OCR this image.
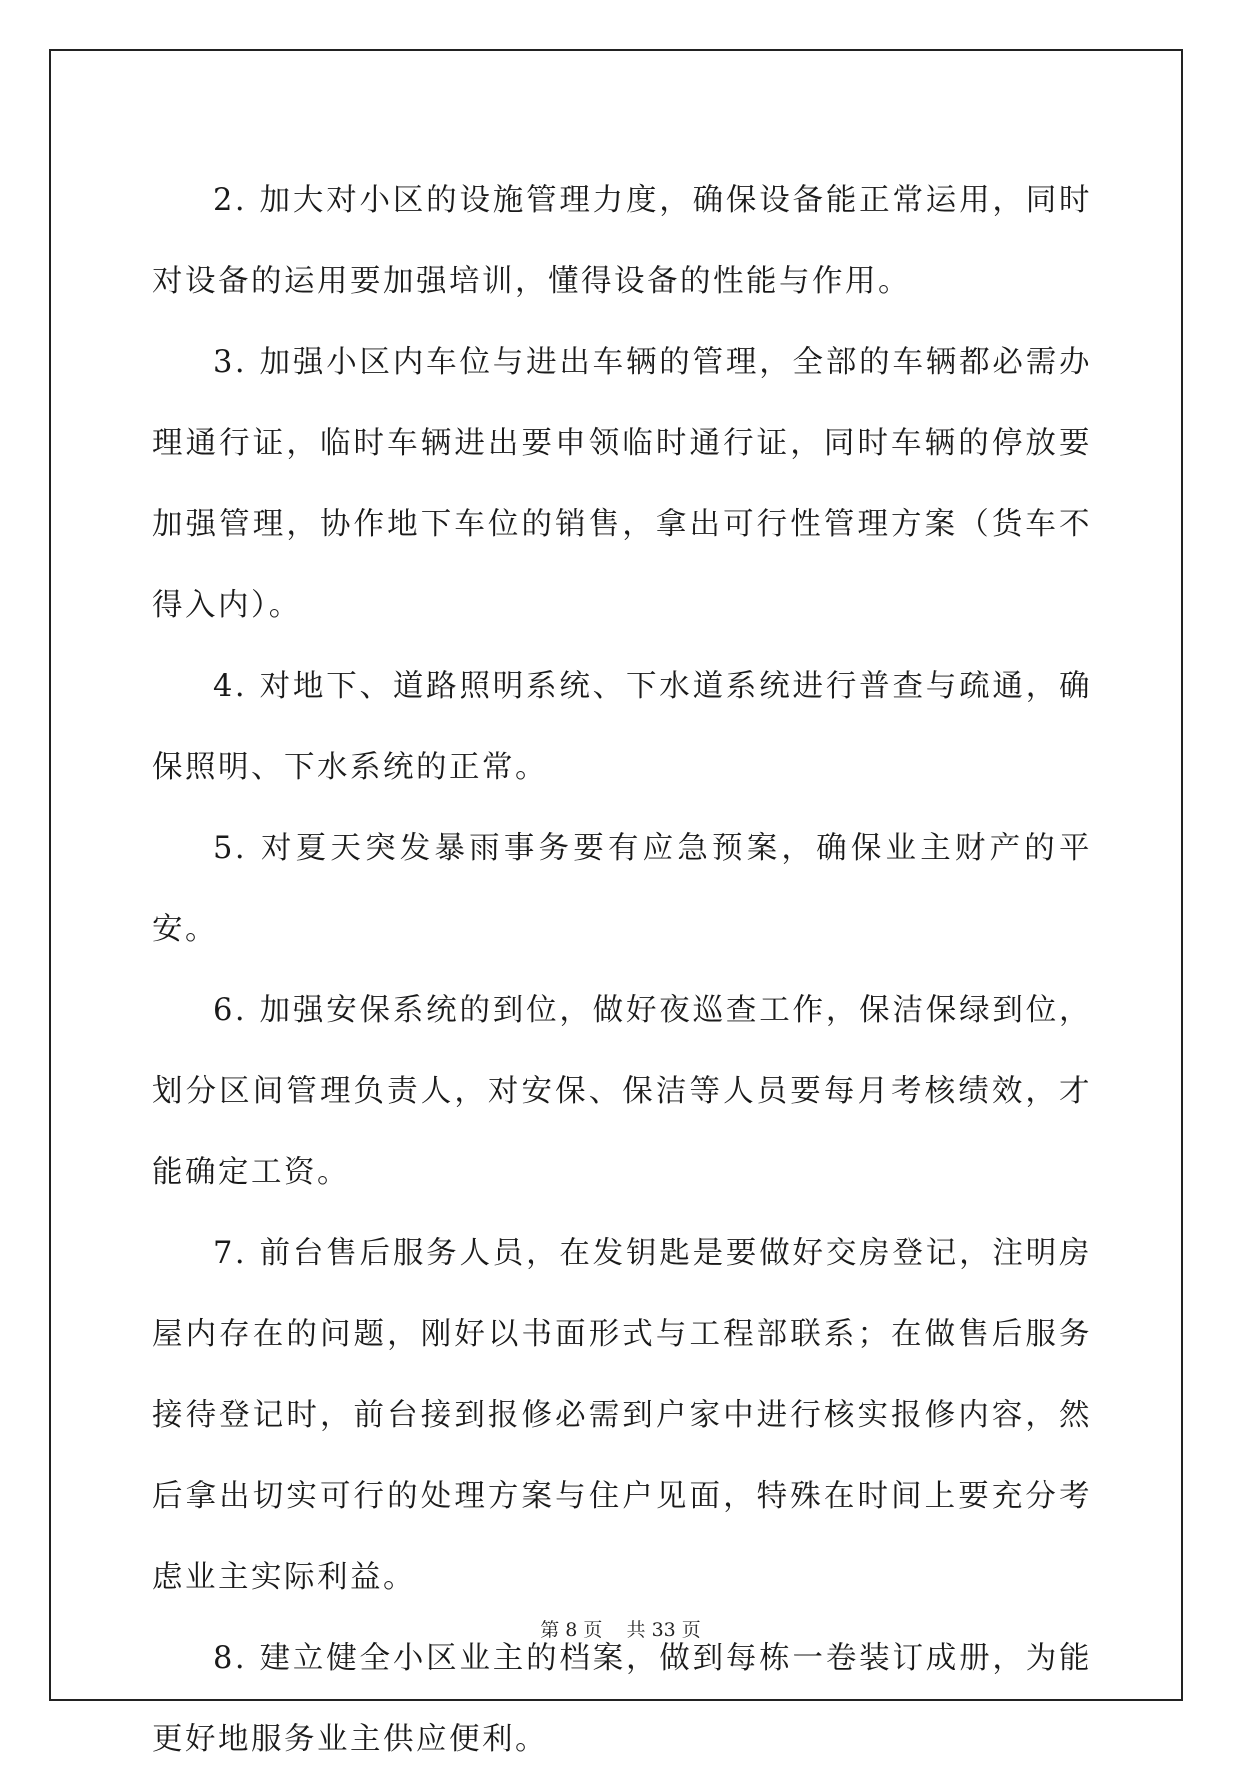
2. 加大对小区的设施管理力度，确保设备能正常运用，同时对设备的运用要加强培训，懂得设备的性能与作用。

3. 加强小区内车位与进出车辆的管理，全部的车辆都必需办理通行证，临时车辆进出要申领临时通行证，同时车辆的停放要加强管理，协作地下车位的销售，拿出可行性管理方案（货车不得入内）。

4. 对地下、道路照明系统、下水道系统进行普查与疏通，确保照明、下水系统的正常。

5. 对夏天突发暴雨事务要有应急预案，确保业主财产的平安。

6. 加强安保系统的到位，做好夜巡查工作，保洁保绿到位，划分区间管理负责人，对安保、保洁等人员要每月考核绩效，才能确定工资。

7. 前台售后服务人员，在发钥匙是要做好交房登记，注明房屋内存在的问题，刚好以书面形式与工程部联系；在做售后服务接待登记时，前台接到报修必需到户家中进行核实报修内容，然后拿出切实可行的处理方案与住户见面，特殊在时间上要充分考虑业主实际利益。

8. 建立健全小区业主的档案，做到每栋一卷装订成册，为能更好地服务业主供应便利。

第 8 页    共 33 页
